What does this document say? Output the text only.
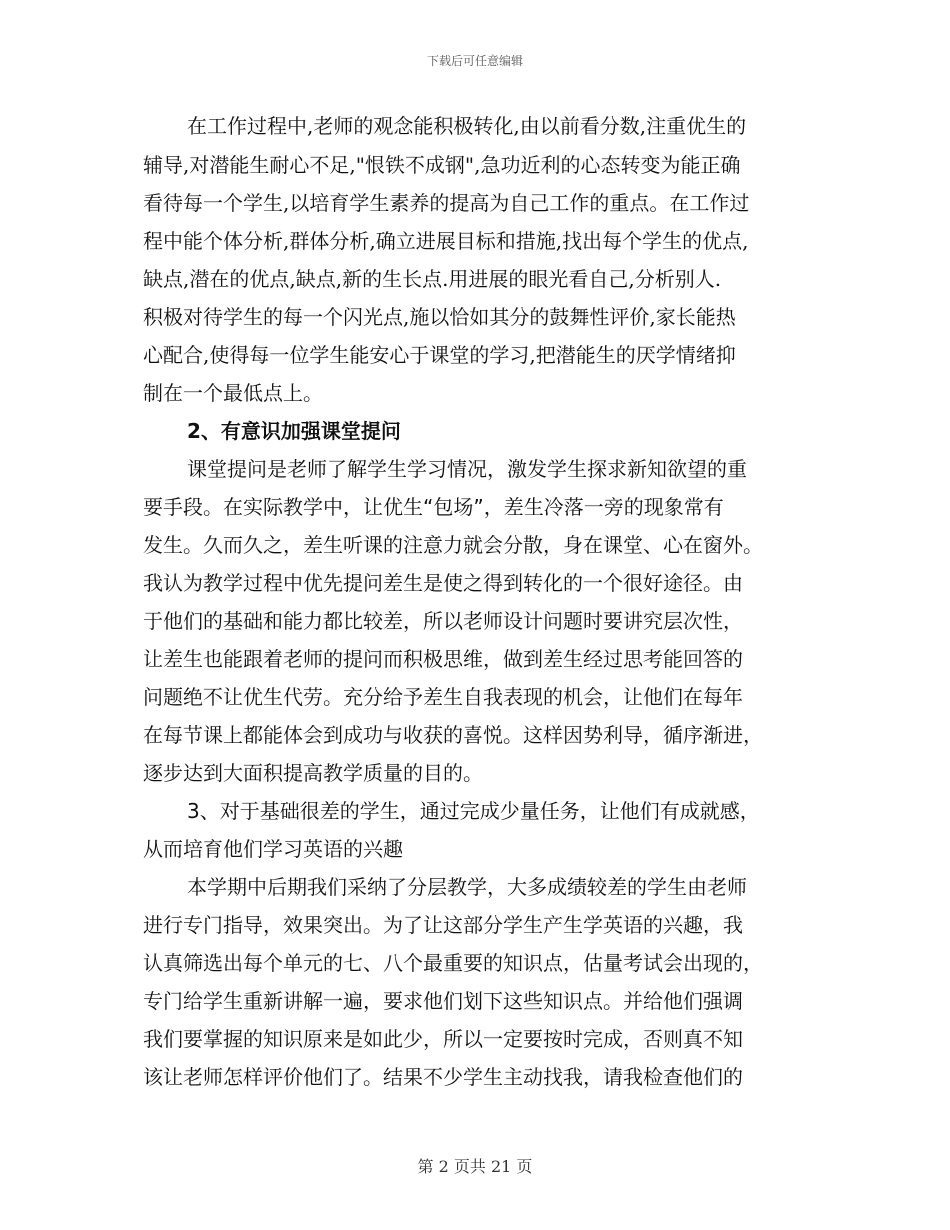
下载后可任意编辑
在工作过程中,老师的观念能积极转化,由以前看分数,注重优生的
辅导,对潜能生耐心不足,"恨铁不成钢",急功近利的心态转变为能正确
看待每一个学生,以培育学生素养的提高为自己工作的重点。在工作过
程中能个体分析,群体分析,确立进展目标和措施,找出每个学生的优点,
缺点,潜在的优点,缺点,新的生长点.用进展的眼光看自己,分析别人.
积极对待学生的每一个闪光点,施以恰如其分的鼓舞性评价,家长能热
心配合,使得每一位学生能安心于课堂的学习,把潜能生的厌学情绪抑
制在一个最低点上。
2、有意识加强课堂提问
课堂提问是老师了解学生学习情况，激发学生探求新知欲望的重
要手段。在实际教学中，让优生“包场”，差生冷落一旁的现象常有
发生。久而久之，差生听课的注意力就会分散，身在课堂、心在窗外。
我认为教学过程中优先提问差生是使之得到转化的一个很好途径。由
于他们的基础和能力都比较差，所以老师设计问题时要讲究层次性，
让差生也能跟着老师的提问而积极思维，做到差生经过思考能回答的
问题绝不让优生代劳。充分给予差生自我表现的机会，让他们在每年
在每节课上都能体会到成功与收获的喜悦。这样因势利导，循序渐进，
逐步达到大面积提高教学质量的目的。
3、对于基础很差的学生，通过完成少量任务，让他们有成就感，
从而培育他们学习英语的兴趣
本学期中后期我们采纳了分层教学，大多成绩较差的学生由老师
进行专门指导，效果突出。为了让这部分学生产生学英语的兴趣，我
认真筛选出每个单元的七、八个最重要的知识点，估量考试会出现的，
专门给学生重新讲解一遍，要求他们划下这些知识点。并给他们强调
我们要掌握的知识原来是如此少，所以一定要按时完成，否则真不知
该让老师怎样评价他们了。结果不少学生主动找我，请我检查他们的
第 2 页共 21 页
